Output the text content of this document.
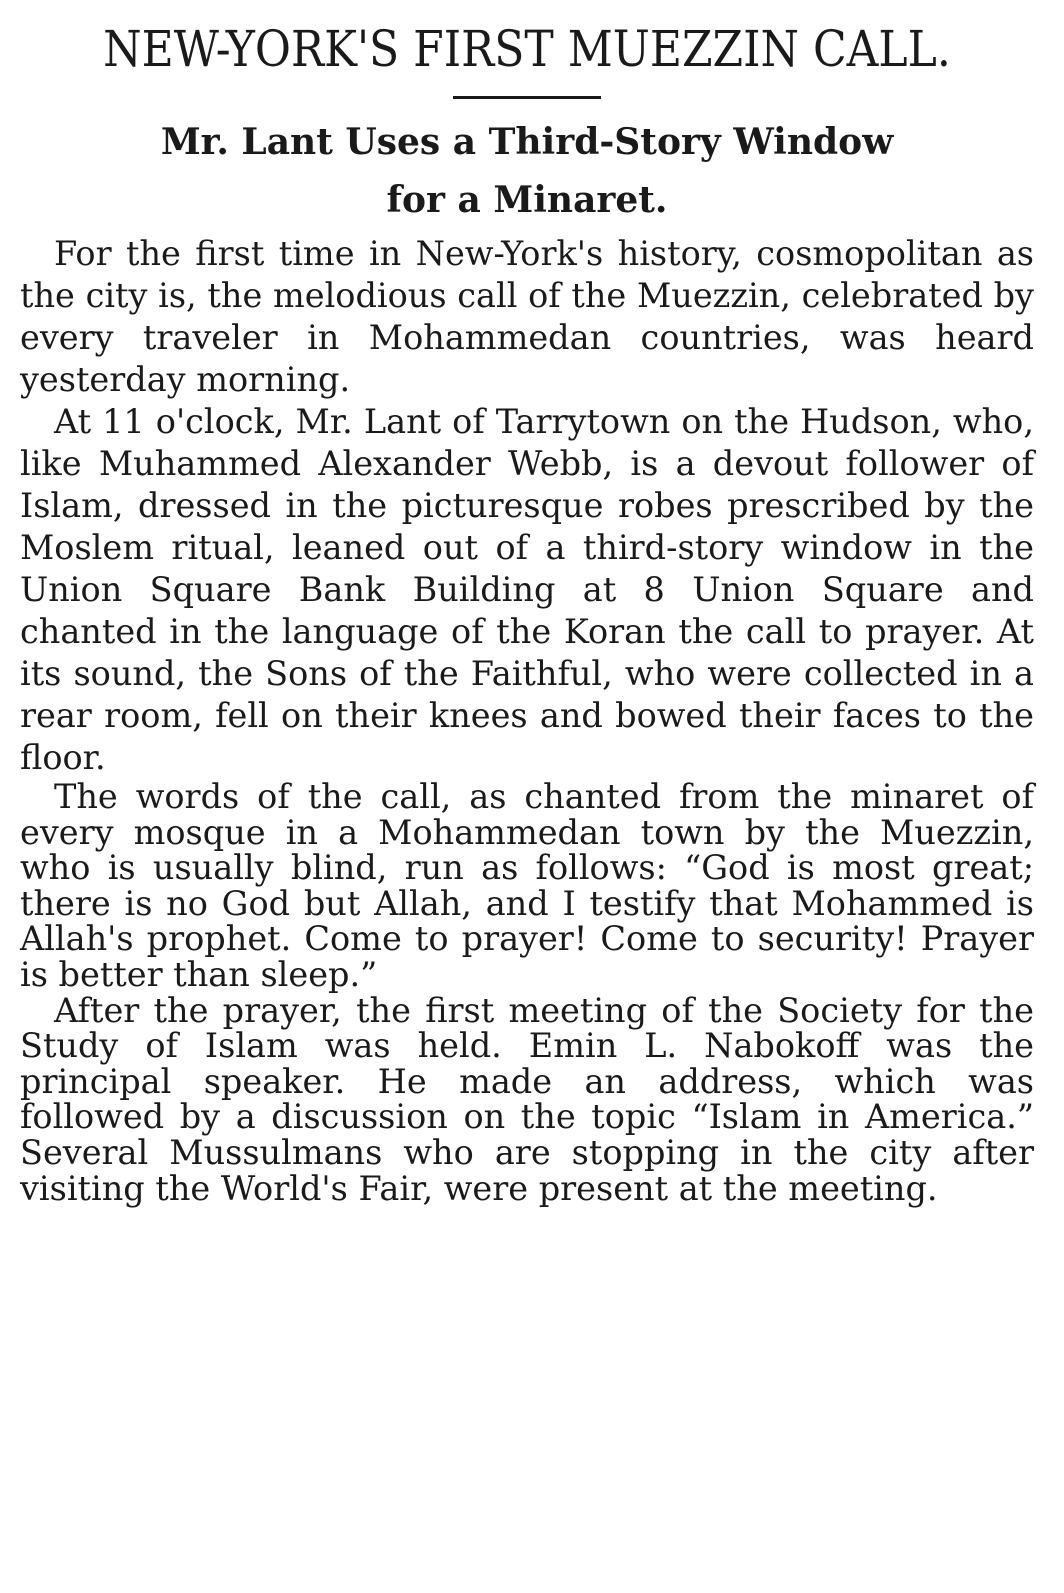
NEW-YORK'S FIRST MUEZZIN CALL.
Mr. Lant Uses a Third-Story Window
for a Minaret.

For the first time in New-York's history, cosmopolitan as the city is, the melodious call of the Muezzin, celebrated by every traveler in Mohammedan countries, was heard yesterday morning.

At 11 o'clock, Mr. Lant of Tarrytown on the Hudson, who, like Muhammed Alexander Webb, is a devout follower of Islam, dressed in the picturesque robes prescribed by the Moslem ritual, leaned out of a third-story window in the Union Square Bank Building at 8 Union Square and chanted in the language of the Koran the call to prayer. At its sound, the Sons of the Faithful, who were collected in a rear room, fell on their knees and bowed their faces to the floor.

The words of the call, as chanted from the minaret of every mosque in a Mohammedan town by the Muezzin, who is usually blind, run as follows: “God is most great; there is no God but Allah, and I testify that Mohammed is Allah's prophet. Come to prayer! Come to security! Prayer is better than sleep.”

After the prayer, the first meeting of the Society for the Study of Islam was held. Emin L. Nabokoff was the principal speaker. He made an address, which was followed by a discussion on the topic “Islam in America.” Several Mussulmans who are stopping in the city after visiting the World's Fair, were present at the meeting.
